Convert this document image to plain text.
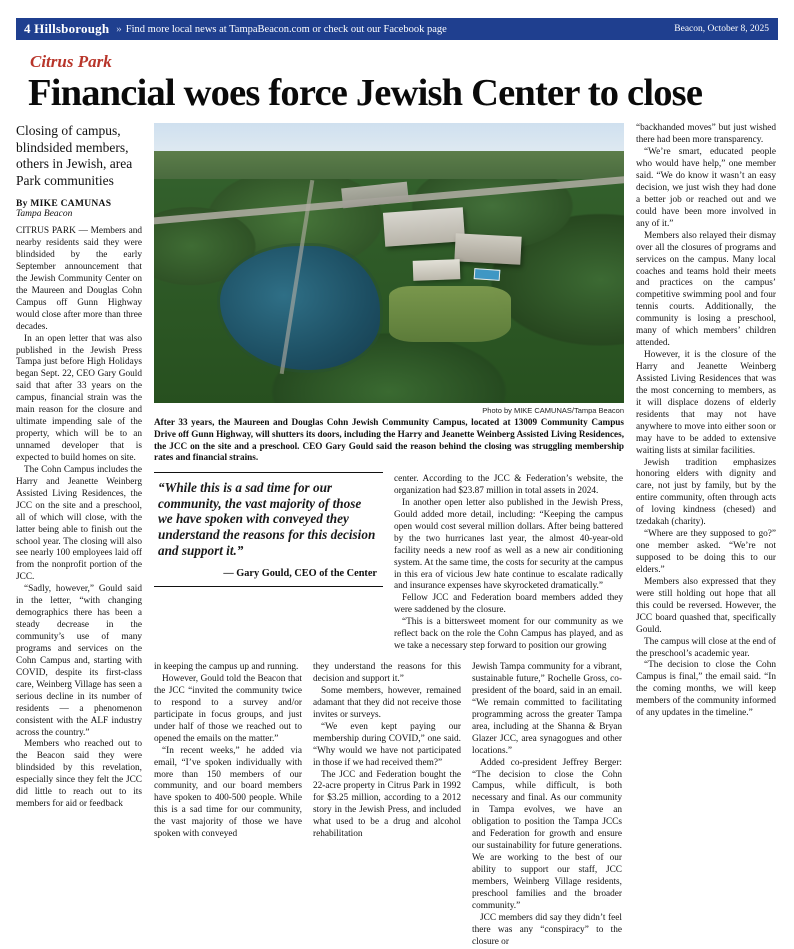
4 Hillsborough » Find more local news at TampaBeacon.com or check out our Facebook page	Beacon, October 8, 2025
Citrus Park
Financial woes force Jewish Center to close
Closing of campus, blindsided members, others in Jewish, area Park communities
By MIKE CAMUNAS
Tampa Beacon

CITRUS PARK — Members and nearby residents said they were blindsided by the early September announcement that the Jewish Community Center on the Maureen and Douglas Cohn Campus off Gunn Highway would close after more than three decades.

In an open letter that was also published in the Jewish Press Tampa just before High Holidays began Sept. 22, CEO Gary Gould said that after 33 years on the campus, financial strain was the main reason for the closure and ultimate impending sale of the property, which will be to an unnamed developer that is expected to build homes on site.

The Cohn Campus includes the Harry and Jeanette Weinberg Assisted Living Residences, the JCC on the site and a preschool, all of which will close, with the latter being able to finish out the school year. The closing will also see nearly 100 employees laid off from the nonprofit portion of the JCC.

“Sadly, however,” Gould said in the letter, “with changing demographics there has been a steady decrease in the community’s use of many programs and services on the Cohn Campus and, starting with COVID, despite its first-class care, Weinberg Village has seen a serious decline in its number of residents — a phenomenon consistent with the ALF industry across the country.”

Members who reached out to the Beacon said they were blindsided by this revelation, especially since they felt the JCC did little to reach out to its members for aid or feedback

Photo by MIKE CAMUNAS/Tampa Beacon
After 33 years, the Maureen and Douglas Cohn Jewish Community Campus, located at 13009 Community Campus Drive off Gunn Highway, will shutters its doors, including the Harry and Jeanette Weinberg Assisted Living Residences, the JCC on the site and a preschool. CEO Gary Gould said the reason behind the closing was struggling membership rates and financial strains.
“While this is a sad time for our community, the vast majority of those we have spoken with conveyed they understand the reasons for this decision and support it.”
— Gary Gould, CEO of the Center

center. According to the JCC & Federation’s website, the organization had $23.87 million in total assets in 2024.

In another open letter also published in the Jewish Press, Gould added more detail, including: “Keeping the campus open would cost several million dollars. After being battered by the two hurricanes last year, the almost 40-year-old facility needs a new roof as well as a new air conditioning system. At the same time, the costs for security at the campus in this era of vicious Jew hate continue to escalate radically and insurance expenses have skyrocketed dramatically.”

Fellow JCC and Federation board members added they were saddened by the closure.

“This is a bittersweet moment for our community as we reflect back on the role the Cohn Campus has played, and as we take a necessary step forward to position our growing

in keeping the campus up and running.

However, Gould told the Beacon that the JCC “invited the community twice to respond to a survey and/or participate in focus groups, and just under half of those we reached out to opened the emails on the matter.”

“In recent weeks,” he added via email, “I’ve spoken individually with more than 150 members of our community, and our board members have spoken to 400-500 people. While this is a sad time for our community, the vast majority of those we have spoken with conveyed

they understand the reasons for this decision and support it.”

Some members, however, remained adamant that they did not receive those invites or surveys.

“We even kept paying our membership during COVID,” one said. “Why would we have not participated in those if we had received them?”

The JCC and Federation bought the 22-acre property in Citrus Park in 1992 for $3.25 million, according to a 2012 story in the Jewish Press, and included what used to be a drug and alcohol rehabilitation

Jewish Tampa community for a vibrant, sustainable future,” Rochelle Gross, co-president of the board, said in an email. “We remain committed to facilitating programming across the greater Tampa area, including at the Shanna & Bryan Glazer JCC, area synagogues and other locations.”

Added co-president Jeffrey Berger: “The decision to close the Cohn Campus, while difficult, is both necessary and final. As our community in Tampa evolves, we have an obligation to position the Tampa JCCs and Federation for growth and ensure our sustainability for future generations. We are working to the best of our ability to support our staff, JCC members, Weinberg Village residents, preschool families and the broader community.”

JCC members did say they didn’t feel there was any “conspiracy” to the closure or

“backhanded moves” but just wished there had been more transparency.

“We’re smart, educated people who would have help,” one member said. “We do know it wasn’t an easy decision, we just wish they had done a better job or reached out and we could have been more involved in any of it.”

Members also relayed their dismay over all the closures of programs and services on the campus. Many local coaches and teams hold their meets and practices on the campus’ competitive swimming pool and four tennis courts. Additionally, the community is losing a preschool, many of which members’ children attended.

However, it is the closure of the Harry and Jeanette Weinberg Assisted Living Residences that was the most concerning to members, as it will displace dozens of elderly residents that may not have anywhere to move into either soon or may have to be added to extensive waiting lists at similar facilities.

Jewish tradition emphasizes honoring elders with dignity and care, not just by family, but by the entire community, often through acts of loving kindness (chesed) and tzedakah (charity).

“Where are they supposed to go?” one member asked. “We’re not supposed to be doing this to our elders.”

Members also expressed that they were still holding out hope that all this could be reversed. However, the JCC board quashed that, specifically Gould.

The campus will close at the end of the preschool’s academic year.

“The decision to close the Cohn Campus is final,” the email said. “In the coming months, we will keep members of the community informed of any updates in the timeline.”
